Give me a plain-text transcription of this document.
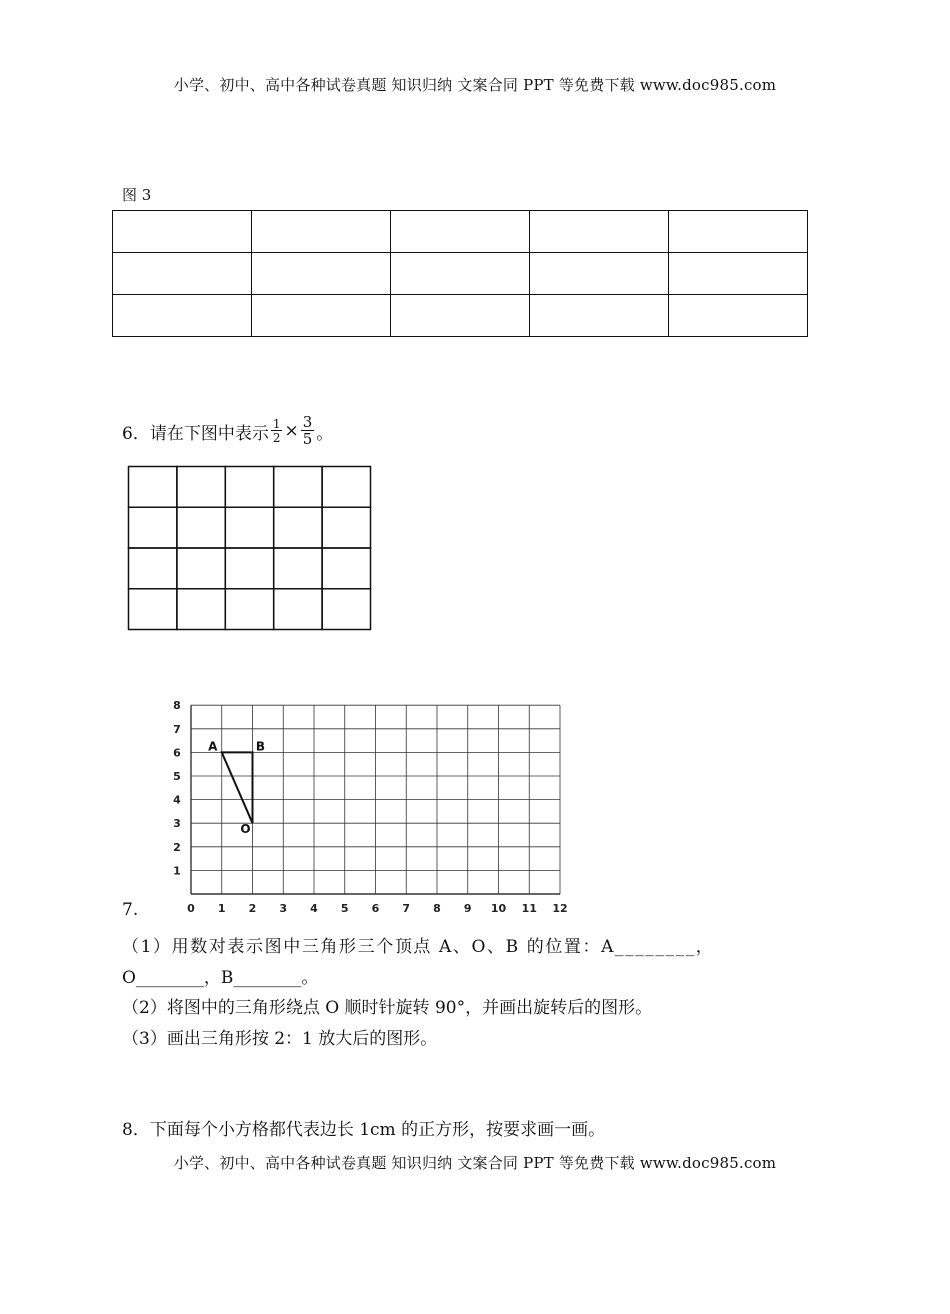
小学、初中、高中各种试卷真题 知识归纳 文案合同 PPT 等免费下载 www.doc985.com
图 3

6．请在下图中表示 $\frac{1}{2} \times \frac{3}{5}$ 。
0 1 2 3 4 5 6 7 8 9 10 11 12
1
2
3
4
5
6
7
8
A	B
O
7.
（1）用数对表示图中三角形三个顶点 A、O、B 的位置：A________，
O________，B________。
（2）将图中的三角形绕点 O 顺时针旋转 90°，并画出旋转后的图形。
（3）画出三角形按 2：1 放大后的图形。
8．下面每个小方格都代表边长 1cm 的正方形，按要求画一画。
小学、初中、高中各种试卷真题 知识归纳 文案合同 PPT 等免费下载 www.doc985.com
